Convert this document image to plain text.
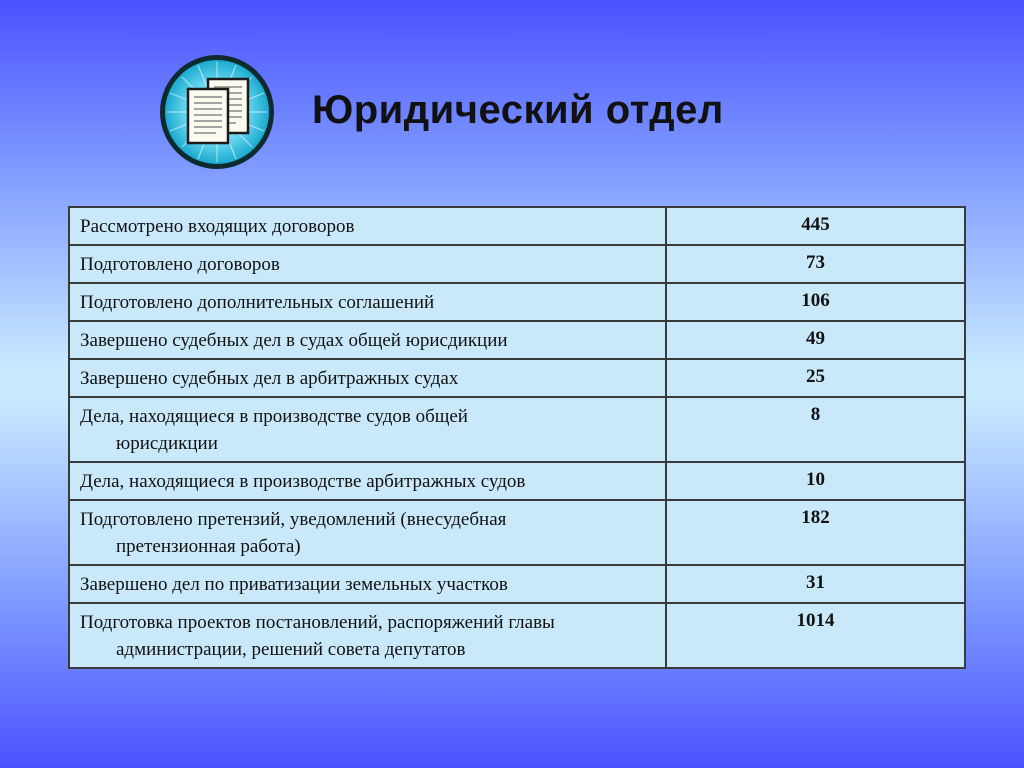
Юридический отдел
Рассмотрено входящих договоров	445

Подготовлено договоров	73

Подготовлено дополнительных соглашений	106

Завершено судебных дел в судах общей юрисдикции	49

Завершено судебных дел в арбитражных судах	25

Дела, находящиеся в производстве судов общей
юрисдикции	8

Дела, находящиеся в производстве арбитражных судов	10

Подготовлено претензий, уведомлений (внесудебная
претензионная работа)	182

Завершено дел по приватизации земельных участков	31

Подготовка проектов постановлений, распоряжений главы
администрации, решений совета депутатов	1014
